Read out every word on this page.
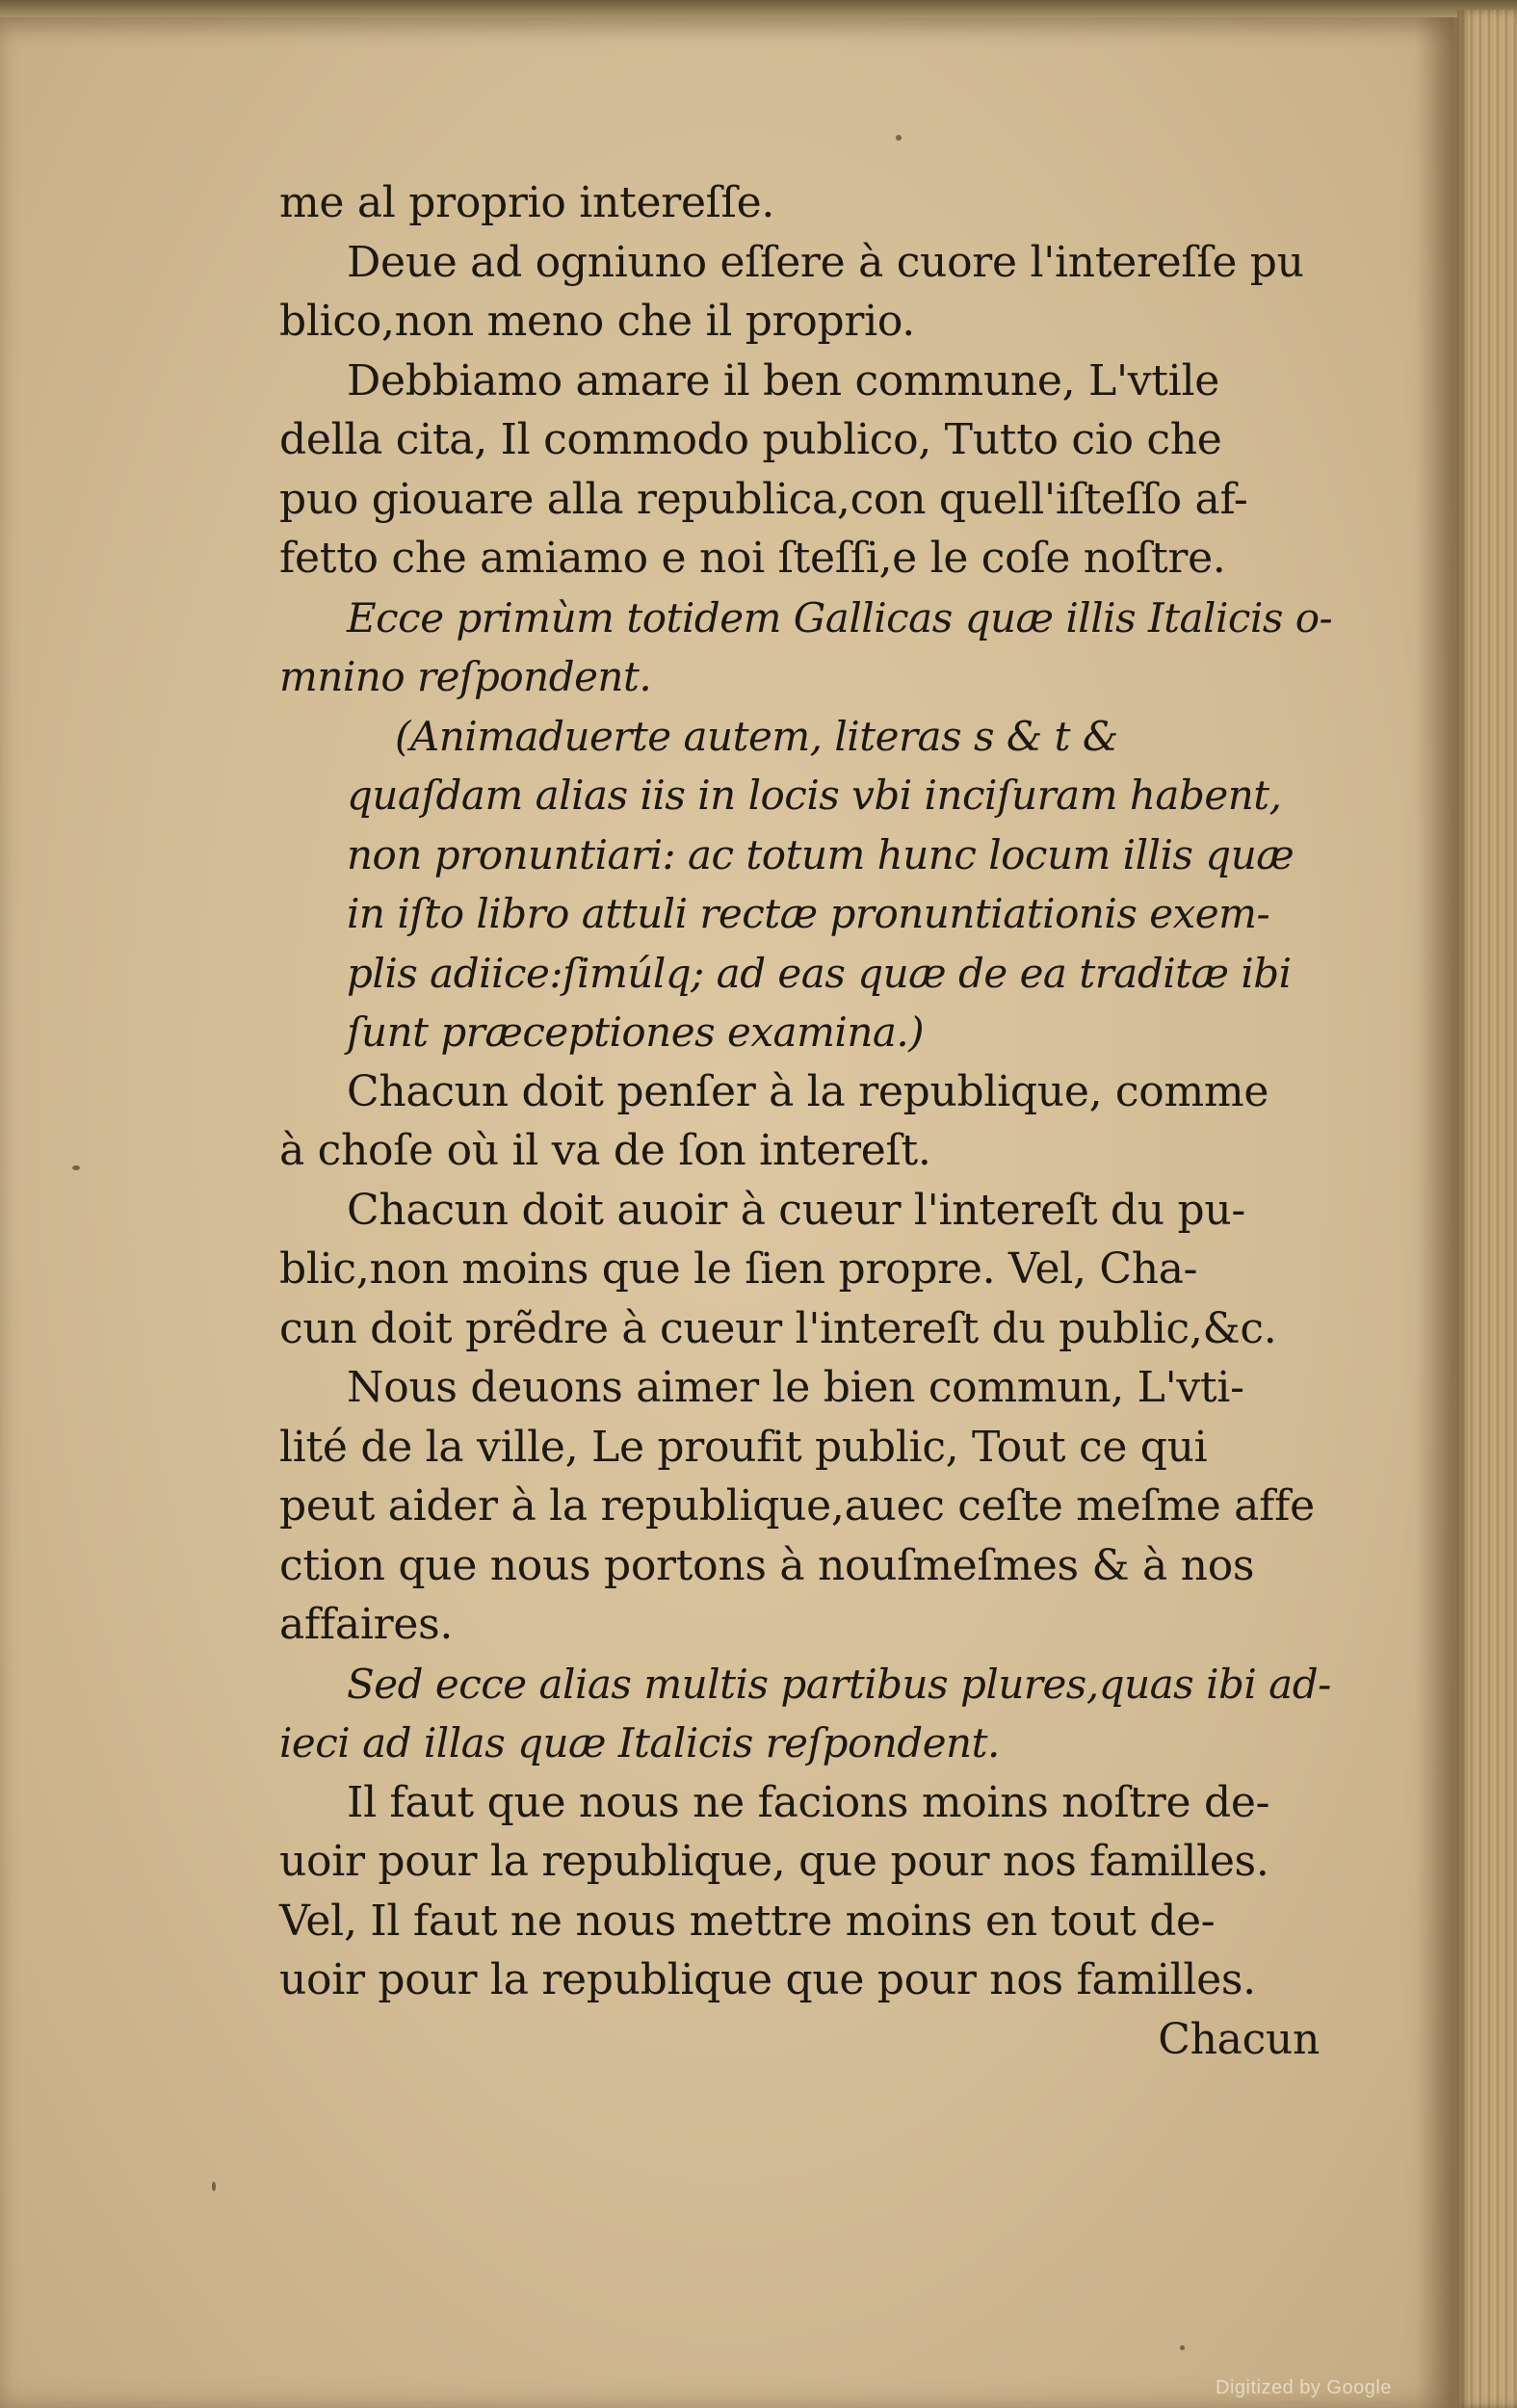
me al proprio intereſſe.
Deue ad ogniuno eſſere à cuore l'intereſſe pu
blico,non meno che il proprio.
Debbiamo amare il ben commune, L'vtile
della cita, Il commodo publico, Tutto cio che
puo giouare alla republica,con quell'iſteſſo af-
fetto che amiamo e noi ſteſſi,e le coſe noſtre.
Ecce primùm totidem Gallicas quæ illis Italicis o-
mnino reſpondent.
(Animaduerte autem, literas s & t &
quaſdam alias iis in locis vbi inciſuram habent,
non pronuntiari: ac totum hunc locum illis quæ
in iſto libro attuli rectæ pronuntiationis exem-
plis adiice:ſimúlq; ad eas quæ de ea traditæ ibi
ſunt præceptiones examina.)
Chacun doit penſer à la republique, comme
à choſe où il va de ſon intereſt.
Chacun doit auoir à cueur l'intereſt du pu-
blic,non moins que le ſien propre. Vel, Cha-
cun doit prẽdre à cueur l'intereſt du public,&c.
Nous deuons aimer le bien commun, L'vti-
lité de la ville, Le proufit public, Tout ce qui
peut aider à la republique,auec ceſte meſme affe
ction que nous portons à nouſmeſmes & à nos
affaires.
Sed ecce alias multis partibus plures,quas ibi ad-
ieci ad illas quæ Italicis reſpondent.
Il faut que nous ne facions moins noſtre de-
uoir pour la republique, que pour nos familles.
Vel, Il faut ne nous mettre moins en tout de-
uoir pour la republique que pour nos familles.
Chacun
Digitized by Google
